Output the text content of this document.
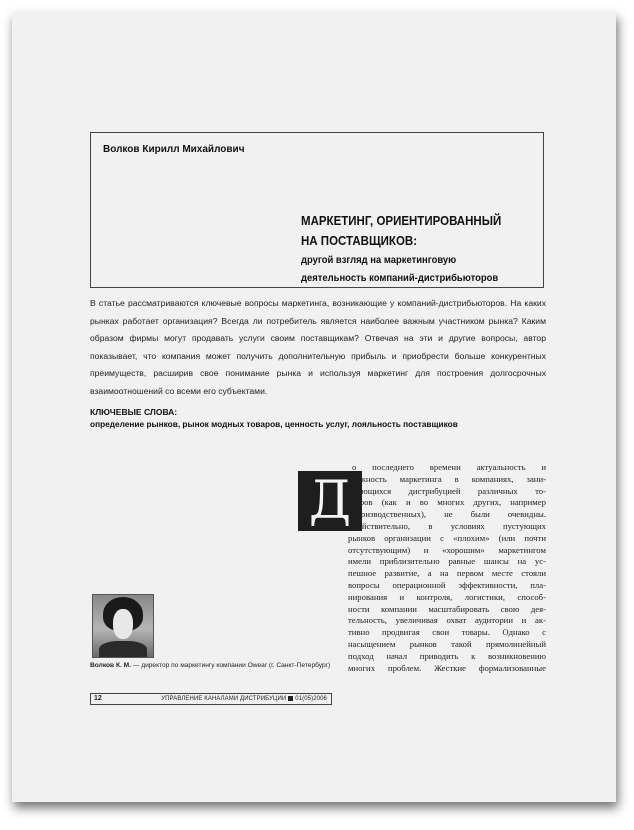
Волков Кирилл Михайлович
МАРКЕТИНГ, ОРИЕНТИРОВАННЫЙ
НА ПОСТАВЩИКОВ:
другой взгляд на маркетинговую
деятельность компаний-дистрибьюторов
В статье рассматриваются ключевые вопросы маркетинга, возникающие у компаний-дистрибьюторов. На каких рынках работает организация? Всегда ли потребитель является наиболее важным участником рынка? Каким образом фирмы могут продавать услуги своим поставщикам? Отвечая на эти и другие вопросы, автор показывает, что компания может получить дополнительную прибыль и приобрести больше конкурентных преимуществ, расширив свое понимание рынка и используя маркетинг для построения долгосрочных взаимоотношений со всеми его субъектами.
КЛЮЧЕВЫЕ СЛОВА:
определение рынков, рынок модных товаров, ценность услуг, лояльность поставщиков
Д
о последнего времени актуальность и
важность маркетинга в компаниях, зани-
мающихся дистрибуцией различных то-
варов (как и во многих других, например
производственных), не были очевидны.
Действительно, в условиях пустующих
рынков организации с «плохим» (или почти
отсутствующим) и «хорошим» маркетингом
имели приблизительно равные шансы на ус-
пешное развитие, а на первом месте стояли
вопросы операционной эффективности, пла-
нирования и контроля, логистики, способ-
ности компании масштабировать свою дея-
тельность, увеличивая охват аудитории и ак-
тивно продвигая свои товары. Однако с
насыщением рынков такой прямолинейный
подход начал приводить к возникновению
многих проблем. Жесткие формализованные
Волков К. М. — директор по маркетингу компании Owear (г. Санкт-Петербург)
12	УПРАВЛЕНИЕ КАНАЛАМИ ДИСТРИБУЦИИ 01(05)2006
